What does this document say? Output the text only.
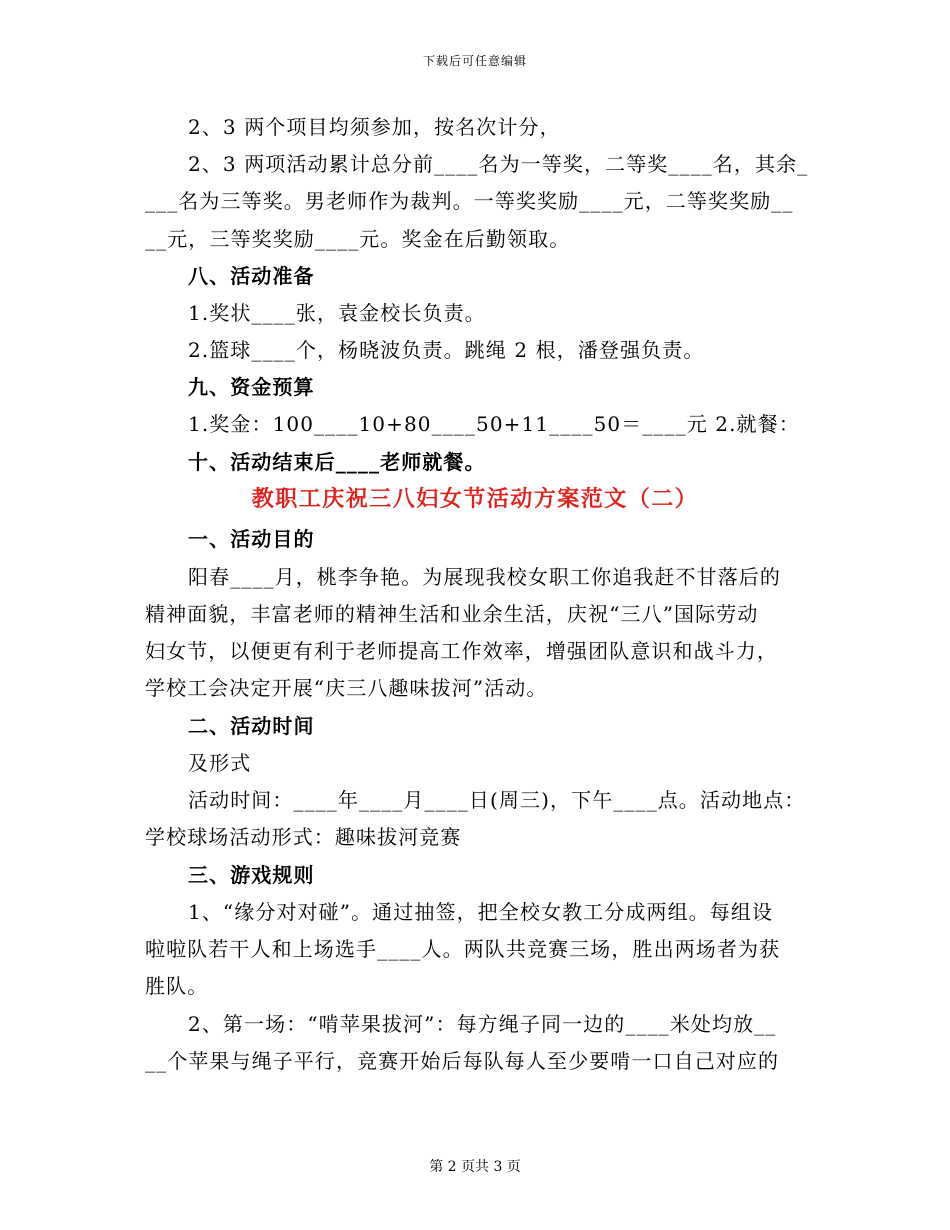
下载后可任意编辑
2、3 两个项目均须参加，按名次计分，
2、3 两项活动累计总分前____名为一等奖，二等奖____名，其余_
___名为三等奖。男老师作为裁判。一等奖奖励____元，二等奖奖励__
__元，三等奖奖励____元。奖金在后勤领取。
八、活动准备
1.奖状____张，袁金校长负责。
2.篮球____个，杨晓波负责。跳绳 2 根，潘登强负责。
九、资金预算
1.奖金：100____10+80____50+11____50＝____元 2.就餐：
十、活动结束后____老师就餐。
教职工庆祝三八妇女节活动方案范文（二）
一、活动目的
阳春____月，桃李争艳。为展现我校女职工你追我赶不甘落后的
精神面貌，丰富老师的精神生活和业余生活，庆祝“三八”国际劳动
妇女节，以便更有利于老师提高工作效率，增强团队意识和战斗力，
学校工会决定开展“庆三八趣味拔河”活动。
二、活动时间
及形式
活动时间：____年____月____日(周三)，下午____点。活动地点：
学校球场活动形式：趣味拔河竞赛
三、游戏规则
1、“缘分对对碰”。通过抽签，把全校女教工分成两组。每组设
啦啦队若干人和上场选手____人。两队共竞赛三场，胜出两场者为获
胜队。
2、第一场：“啃苹果拔河”：每方绳子同一边的____米处均放__
__个苹果与绳子平行，竞赛开始后每队每人至少要啃一口自己对应的
第 2 页共 3 页
